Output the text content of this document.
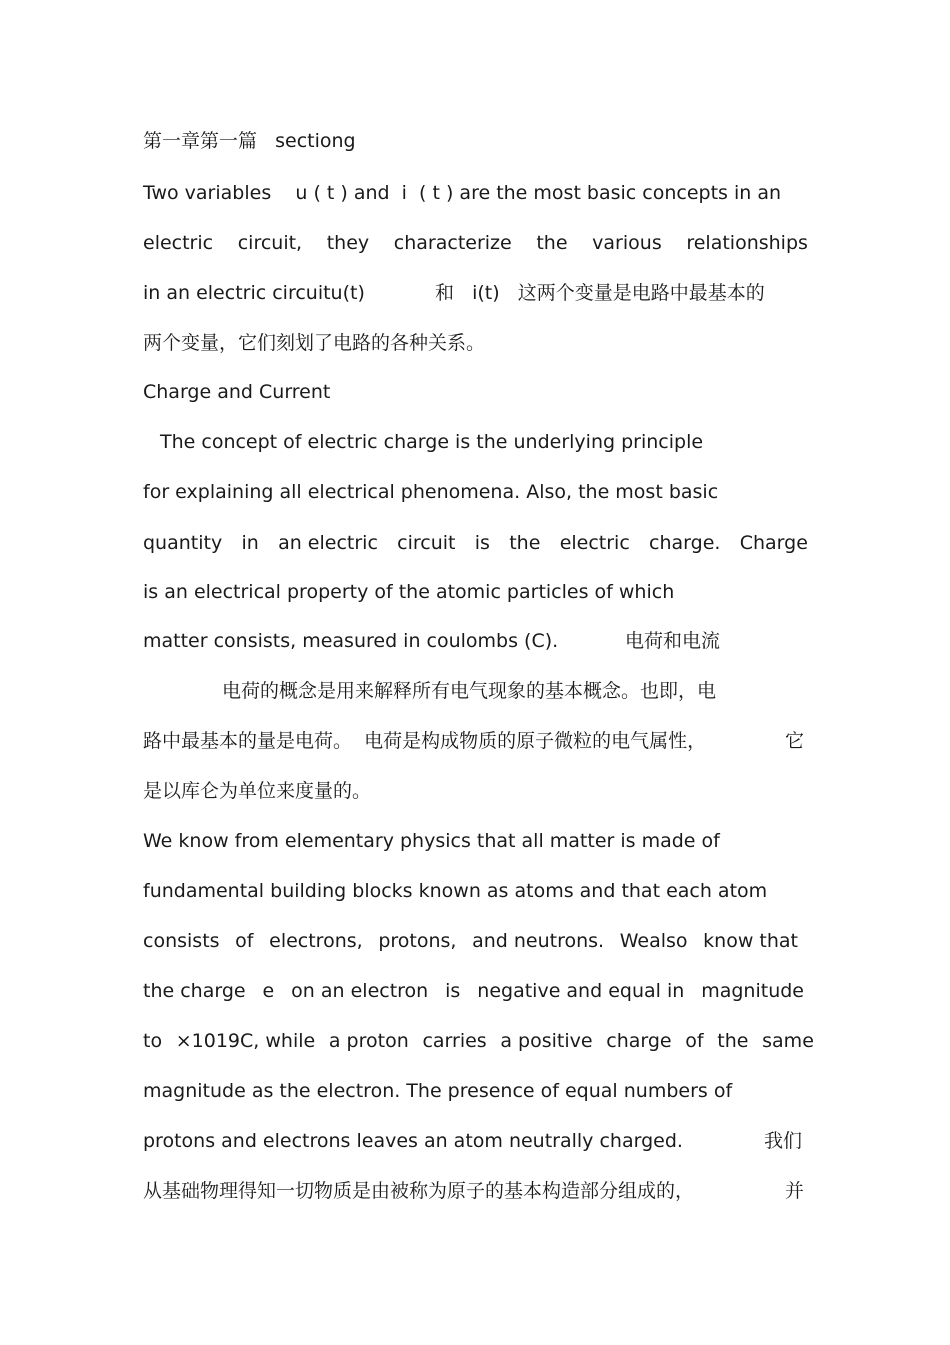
第一章第一篇   sectiong
Two variables    u ( t ) and  i  ( t ) are the most basic concepts in an
electric circuit, they characterize the various relationships
in an electric circuitu(t)	和   i(t)   这两个变量是电路中最基本的
两个变量，它们刻划了电路的各种关系。
Charge and Current
The concept of electric charge is the underlying principle
for explaining all electrical phenomena. Also, the most basic
quantity in an electric circuit is the electric charge. Charge
is an electrical property of the atomic particles of which
matter consists, measured in coulombs (C).	电荷和电流
电荷的概念是用来解释所有电气现象的基本概念。也即，电
路中最基本的量是电荷。  电荷是构成物质的原子微粒的电气属性，	它
是以库仑为单位来度量的。
We know from elementary physics that all matter is made of
fundamental building blocks known as atoms and that each atom
consists of electrons, protons, and neutrons. Wealso know that
the charge e on an electron is negative and equal in magnitude
to ×1019C, while a proton carries a positive charge of the same
magnitude as the electron. The presence of equal numbers of
protons and electrons leaves an atom neutrally charged.	我们
从基础物理得知一切物质是由被称为原子的基本构造部分组成的，	并
